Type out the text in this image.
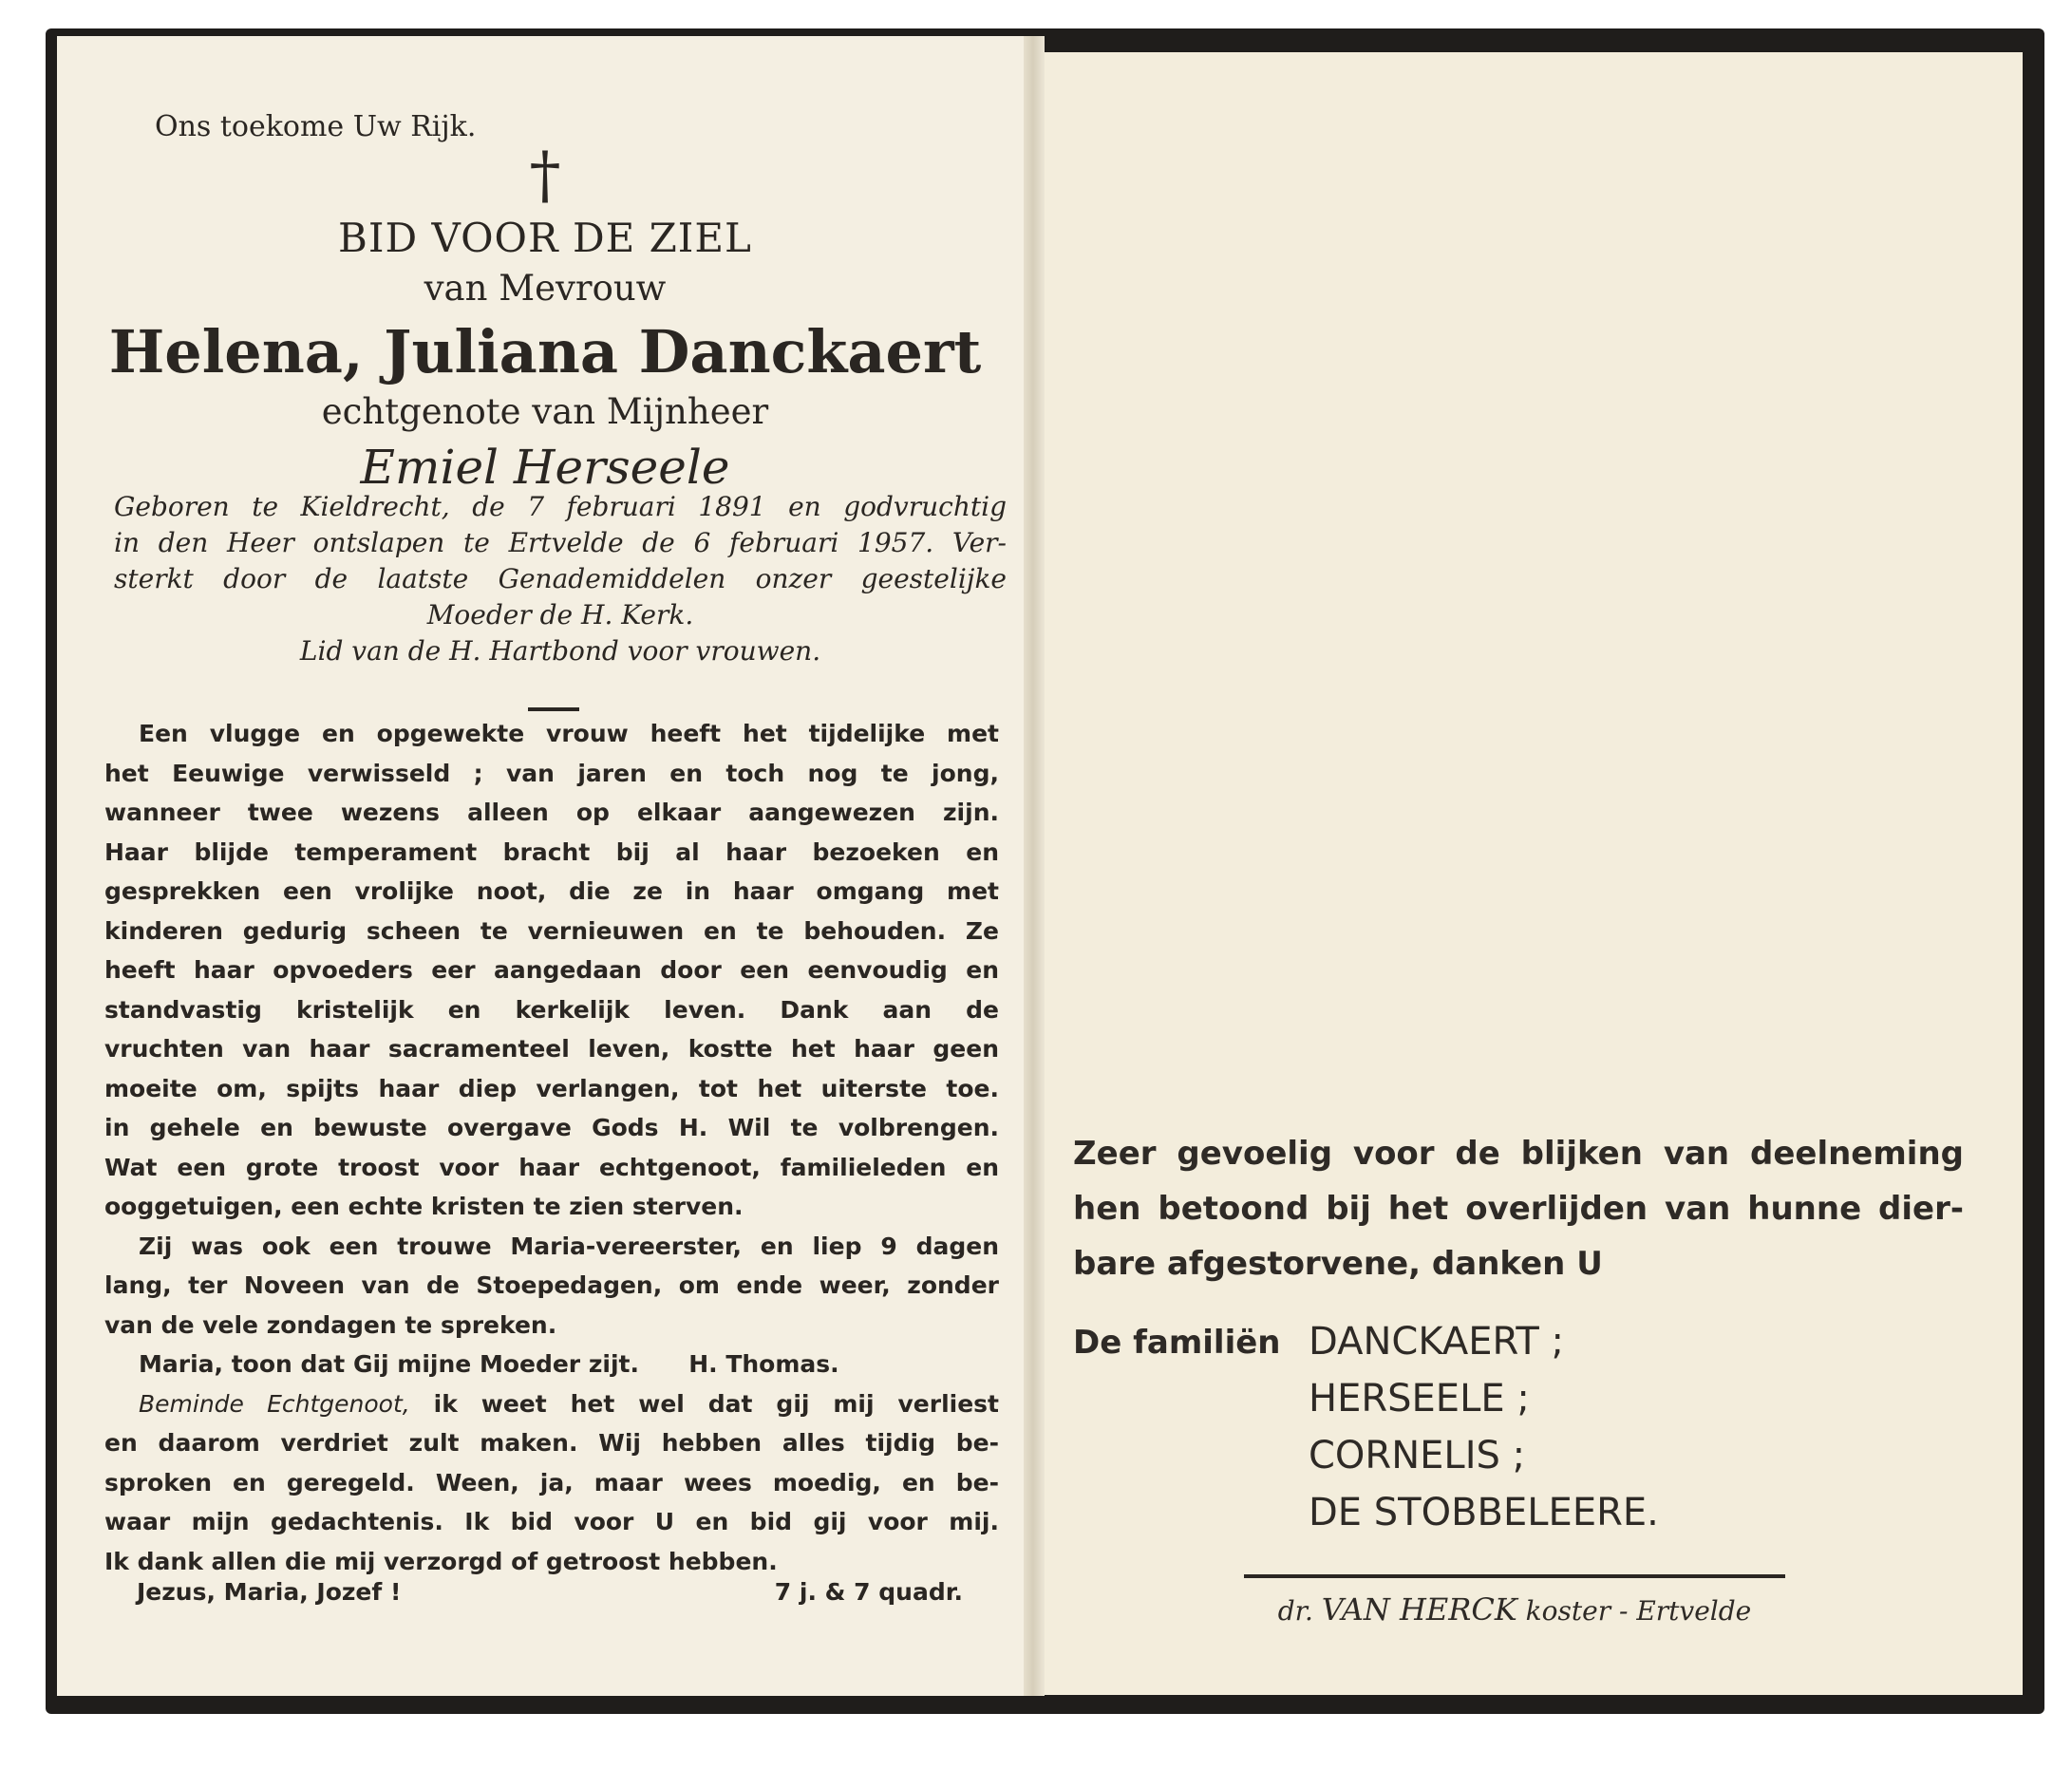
Ons toekome Uw Rijk.
†
BID VOOR DE ZIEL
van Mevrouw
Helena, Juliana Danckaert
echtgenote van Mijnheer
Emiel Herseele
Geboren te Kieldrecht, de 7 februari 1891 en godvruchtig
in den Heer ontslapen te Ertvelde de 6 februari 1957. Ver-
sterkt door de laatste Genademiddelen onzer geestelijke
Moeder de H. Kerk.
Lid van de H. Hartbond voor vrouwen.
Een vlugge en opgewekte vrouw heeft het tijdelijke met
het Eeuwige verwisseld ; van jaren en toch nog te jong,
wanneer twee wezens alleen op elkaar aangewezen zijn.
Haar blijde temperament bracht bij al haar bezoeken en
gesprekken een vrolijke noot, die ze in haar omgang met
kinderen gedurig scheen te vernieuwen en te behouden. Ze
heeft haar opvoeders eer aangedaan door een eenvoudig en
standvastig kristelijk en kerkelijk leven. Dank aan de
vruchten van haar sacramenteel leven, kostte het haar geen
moeite om, spijts haar diep verlangen, tot het uiterste toe.
in gehele en bewuste overgave Gods H. Wil te volbrengen.
Wat een grote troost voor haar echtgenoot, familieleden en
ooggetuigen, een echte kristen te zien sterven.
Zij was ook een trouwe Maria-vereerster, en liep 9 dagen
lang, ter Noveen van de Stoepedagen, om ende weer, zonder
van de vele zondagen te spreken.
Maria, toon dat Gij mijne Moeder zijt.      H. Thomas.
Beminde Echtgenoot, ik weet het wel dat gij mij verliest
en daarom verdriet zult maken. Wij hebben alles tijdig be-
sproken en geregeld. Ween, ja, maar wees moedig, en be-
waar mijn gedachtenis. Ik bid voor U en bid gij voor mij.
Ik dank allen die mij verzorgd of getroost hebben.
Jezus, Maria, Jozef !	7 j. & 7 quadr.
Zeer gevoelig voor de blijken van deelneming
hen betoond bij het overlijden van hunne dier-
bare afgestorvene, danken U
De familiën DANCKAERT ;
HERSEELE ;
CORNELIS ;
DE STOBBELEERE.
dr. VAN HERCK koster - Ertvelde
